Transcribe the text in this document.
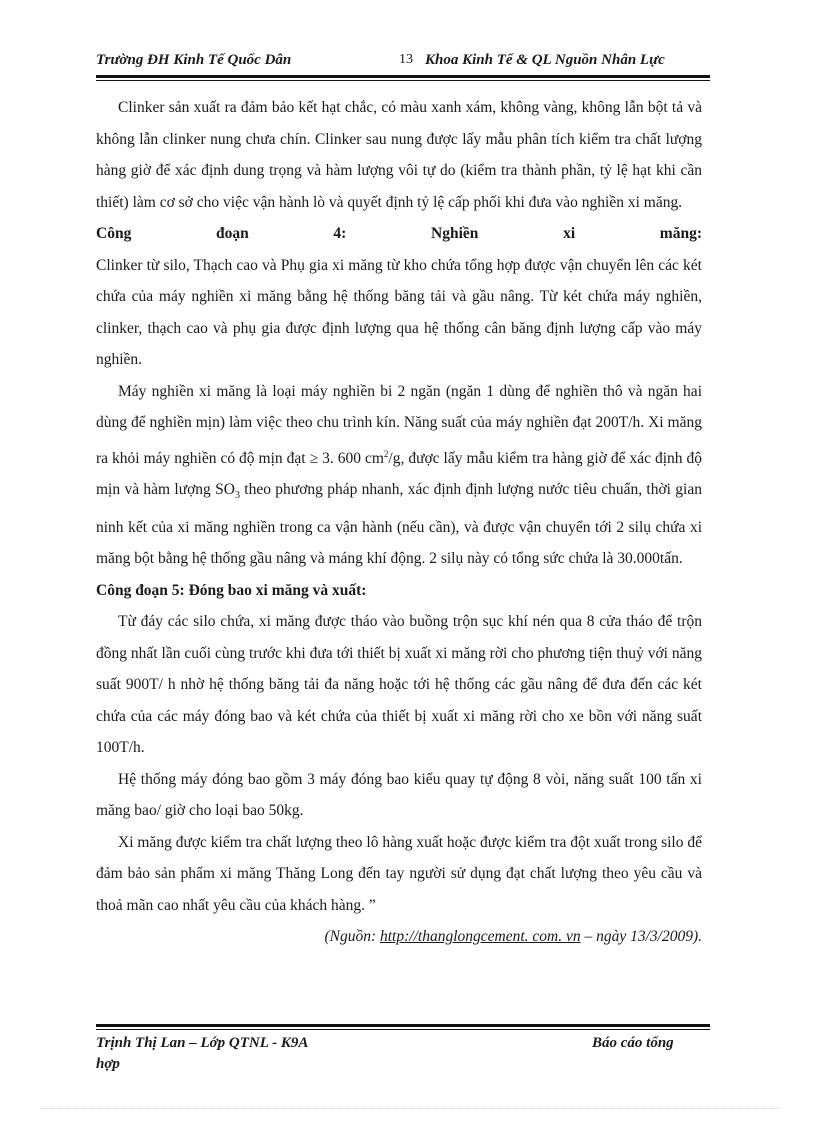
Trường ĐH Kinh Tế Quốc Dân	13 Khoa Kinh Tế & QL Nguồn Nhân Lực

Clinker sản xuất ra đảm bảo kết hạt chắc, có màu xanh xám, không vàng, không lẫn bột tả và không lẫn clinker nung chưa chín. Clinker sau nung được lấy mẫu phân tích kiểm tra chất lượng hàng giờ để xác định dung trọng và hàm lượng vôi tự do (kiểm tra thành phần, tỷ lệ hạt khi cần thiết) làm cơ sở cho việc vận hành lò và quyết định tỷ lệ cấp phối khi đưa vào nghiền xi măng.

Công	đoạn	4:	Nghiền	xi	măng:

Clinker từ silo, Thạch cao và Phụ gia xi măng từ kho chứa tổng hợp được vận chuyển lên các két chứa của máy nghiền xi măng bằng hệ thống băng tải và gầu nâng. Từ két chứa máy nghiền, clinker, thạch cao và phụ gia được định lượng qua hệ thống cân băng định lượng cấp vào máy nghiền.

Máy nghiền xi măng là loại máy nghiền bi 2 ngăn (ngăn 1 dùng để nghiền thô và ngăn hai dùng để nghiền mịn) làm việc theo chu trình kín. Năng suất của máy nghiền đạt 200T/h. Xi măng ra khỏi máy nghiền có độ mịn đạt ≥ 3. 600 $cm^2/g$, được lấy mẫu kiểm tra hàng giờ để xác định độ mịn và hàm lượng $SO_3$ theo phương pháp nhanh, xác định định lượng nước tiêu chuẩn, thời gian ninh kết của xi măng nghiền trong ca vận hành (nếu cần), và được vận chuyển tới 2 silụ chứa xi măng bột bằng hệ thống gầu nâng và máng khí động. 2 silụ này có tổng sức chứa là 30.000tấn.

Công đoạn 5: Đóng bao xi măng và xuất:

Từ đáy các silo chứa, xi măng được tháo vào buồng trộn sục khí nén qua 8 cửa tháo để trộn đồng nhất lần cuối cùng trước khi đưa tới thiết bị xuất xi măng rời cho phương tiện thuỷ với năng suất 900T/ h nhờ hệ thống băng tải đa năng hoặc tới hệ thống các gầu nâng để đưa đến các két chứa của các máy đóng bao và két chứa của thiết bị xuất xi măng rời cho xe bồn với năng suất 100T/h.

Hệ thống máy đóng bao gồm 3 máy đóng bao kiểu quay tự động 8 vòi, năng suất 100 tấn xi măng bao/ giờ cho loại bao 50kg.

Xi măng được kiểm tra chất lượng theo lô hàng xuất hoặc được kiểm tra đột xuất trong silo để đảm bảo sản phẩm xi măng Thăng Long đến tay người sử dụng đạt chất lượng theo yêu cầu và thoả mãn cao nhất yêu cầu của khách hàng. ”

(Nguồn: http://thanglongcement. com. vn – ngày 13/3/2009).

Trịnh Thị Lan – Lớp QTNL - K9A	Báo cáo tổng
hợp
